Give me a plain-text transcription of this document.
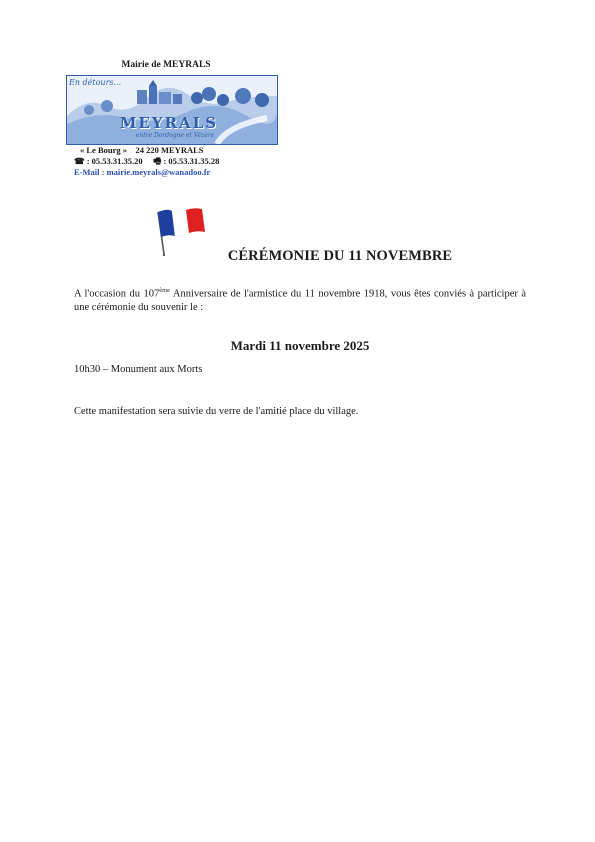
Mairie de MEYRALS
En détours...
MEYRALS
entre Dordogne et Vézère
« Le Bourg »    24 220 MEYRALS
☎ : 05.53.31.35.20 🖷 : 05.53.31.35.28
E-Mail : mairie.meyrals@wanadoo.fr
CÉRÉMONIE DU 11 NOVEMBRE
A l'occasion du 107ème Anniversaire de l'armistice du 11 novembre 1918, vous êtes conviés à participer à une cérémonie du souvenir le :
Mardi 11 novembre 2025
10h30 – Monument aux Morts
Cette manifestation sera suivie du verre de l'amitié place du village.
